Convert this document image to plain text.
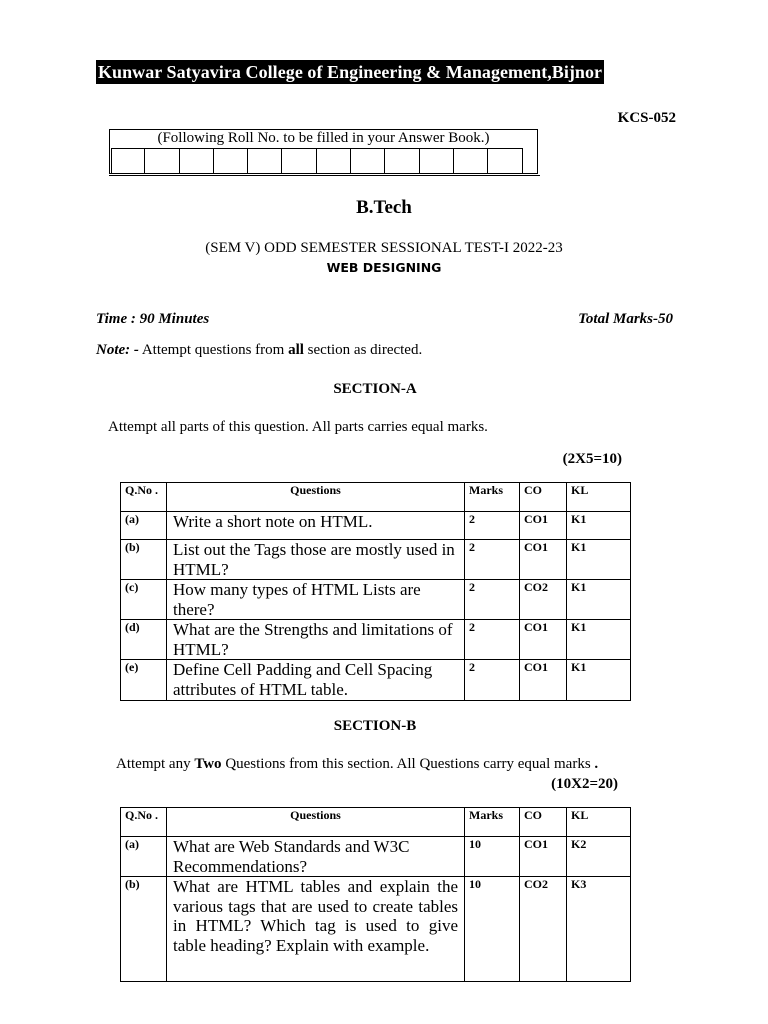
Kunwar Satyavira College of Engineering & Management,Bijnor
KCS-052
(Following Roll No. to be filled in your Answer Book.)
B.Tech
(SEM V) ODD SEMESTER SESSIONAL TEST-I 2022-23
WEB DESIGNING
Time : 90 Minutes	Total Marks-50
Note: - Attempt questions from all section as directed.
SECTION-A
Attempt all parts of this question. All parts carries equal marks.
(2X5=10)
Q.No .	Questions	Marks	CO	KL
(a)	Write a short note on HTML.	2	CO1	K1
(b)	List out the Tags those are mostly used in HTML?	2	CO1	K1
(c)	How many types of HTML Lists are there?	2	CO2	K1
(d)	What are the Strengths and limitations of HTML?	2	CO1	K1
(e)	Define Cell Padding and Cell Spacing attributes of HTML table.	2	CO1	K1
SECTION-B
Attempt any Two Questions from this section. All Questions carry equal marks .
(10X2=20)
Q.No .	Questions	Marks	CO	KL
(a)	What are Web Standards and W3C Recommendations?	10	CO1	K2
(b)	What are HTML tables and explain the various tags that are used to create tables in HTML? Which tag is used to give table heading? Explain with example.	10	CO2	K3
